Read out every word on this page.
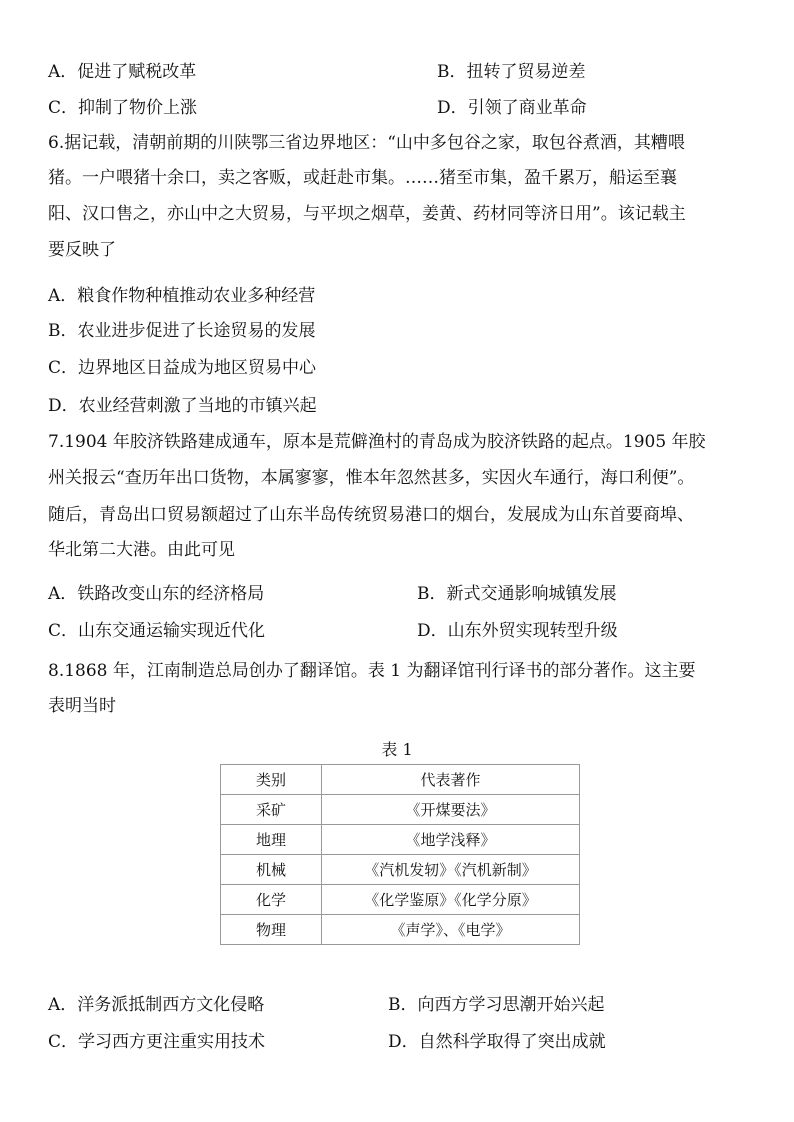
A．促进了赋税改革	B．扭转了贸易逆差
C．抑制了物价上涨	D．引领了商业革命
6.据记载，清朝前期的川陕鄂三省边界地区：“山中多包谷之家，取包谷煮酒，其糟喂
猪。一户喂猪十余口，卖之客贩，或赶赴市集。……猪至市集，盈千累万，船运至襄
阳、汉口售之，亦山中之大贸易，与平坝之烟草，姜黄、药材同等济日用”。该记载主
要反映了
A．粮食作物种植推动农业多种经营
B．农业进步促进了长途贸易的发展
C．边界地区日益成为地区贸易中心
D．农业经营刺激了当地的市镇兴起
7.1904 年胶济铁路建成通车，原本是荒僻渔村的青岛成为胶济铁路的起点。1905 年胶
州关报云“查历年出口货物，本属寥寥，惟本年忽然甚多，实因火车通行，海口利便”。
随后，青岛出口贸易额超过了山东半岛传统贸易港口的烟台，发展成为山东首要商埠、
华北第二大港。由此可见
A．铁路改变山东的经济格局	B．新式交通影响城镇发展
C．山东交通运输实现近代化	D．山东外贸实现转型升级
8.1868 年，江南制造总局创办了翻译馆。表 1 为翻译馆刊行译书的部分著作。这主要
表明当时
表 1
类别	代表著作
采矿	《开煤要法》
地理	《地学浅释》
机械	《汽机发轫》《汽机新制》
化学	《化学鉴原》《化学分原》
物理	《声学》、《电学》
A．洋务派抵制西方文化侵略	B．向西方学习思潮开始兴起
C．学习西方更注重实用技术	D．自然科学取得了突出成就
